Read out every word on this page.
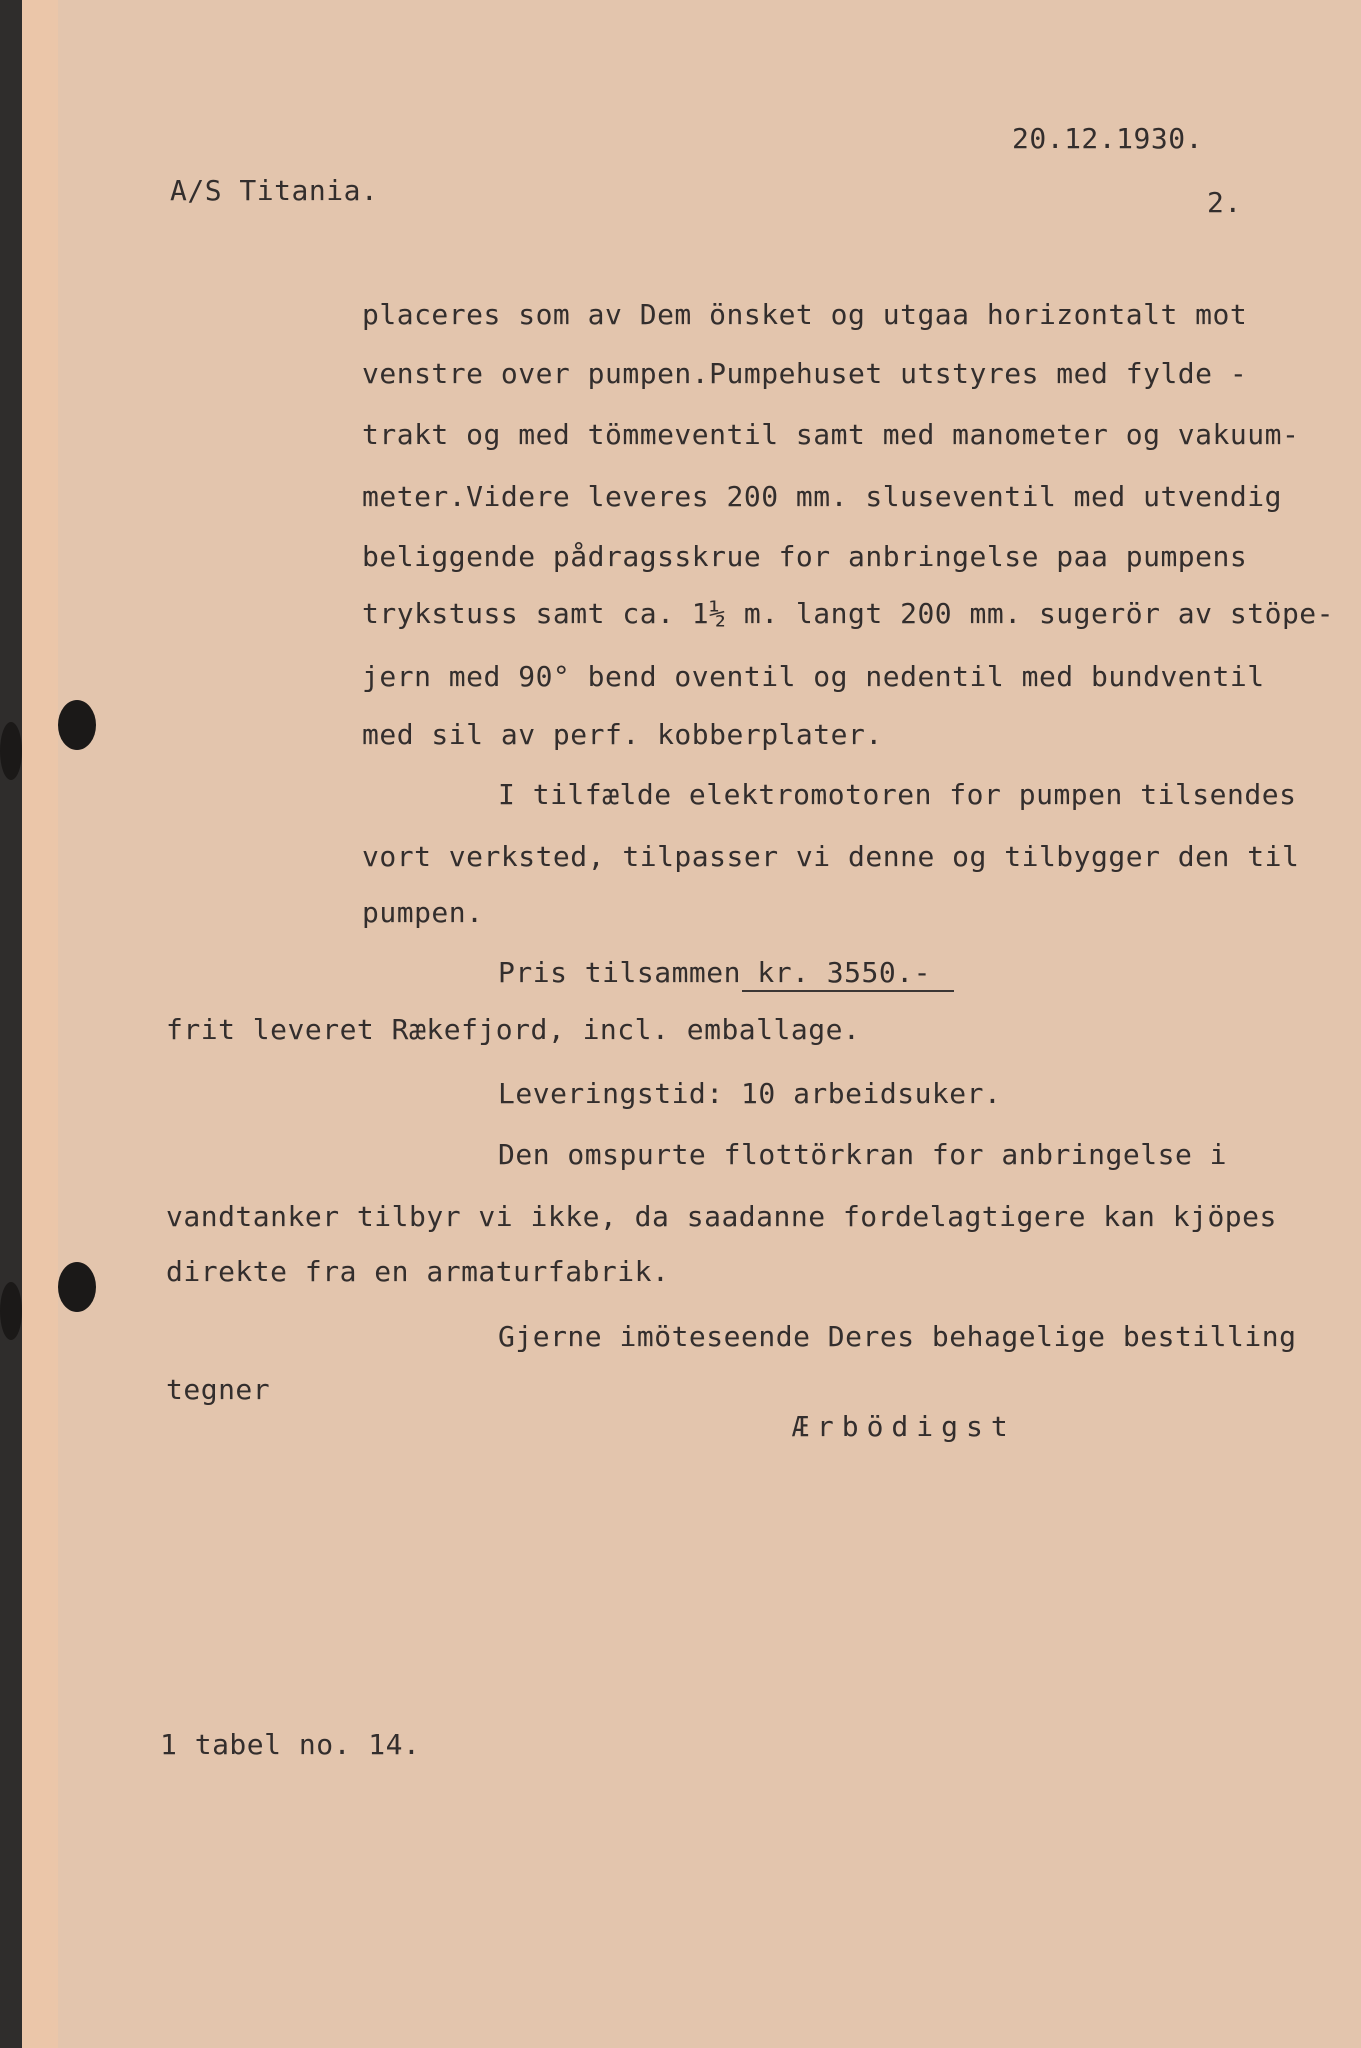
20.12.1930.
A/S Titania.	2.
placeres som av Dem önsket og utgaa horizontalt mot
venstre over pumpen.Pumpehuset utstyres med fylde -
trakt og med tömmeventil samt med manometer og vakuum-
meter.Videre leveres 200 mm. sluseventil med utvendig
beliggende pådragsskrue for anbringelse paa pumpens
trykstuss samt ca. 1½ m. langt 200 mm. sugerör av stöpe-
jern med 90° bend oventil og nedentil med bundventil
med sil av perf. kobberplater.
I tilfælde elektromotoren for pumpen tilsendes
vort verksted, tilpasser vi denne og tilbygger den til
pumpen.
Pris tilsammen
kr. 3550.-
frit leveret Rækefjord, incl. emballage.
Leveringstid: 10 arbeidsuker.
Den omspurte flottörkran for anbringelse i
vandtanker tilbyr vi ikke, da saadanne fordelagtigere kan kjöpes
direkte fra en armaturfabrik.
Gjerne imöteseende Deres behagelige bestilling
tegner
Ærbödigst
1 tabel no. 14.
